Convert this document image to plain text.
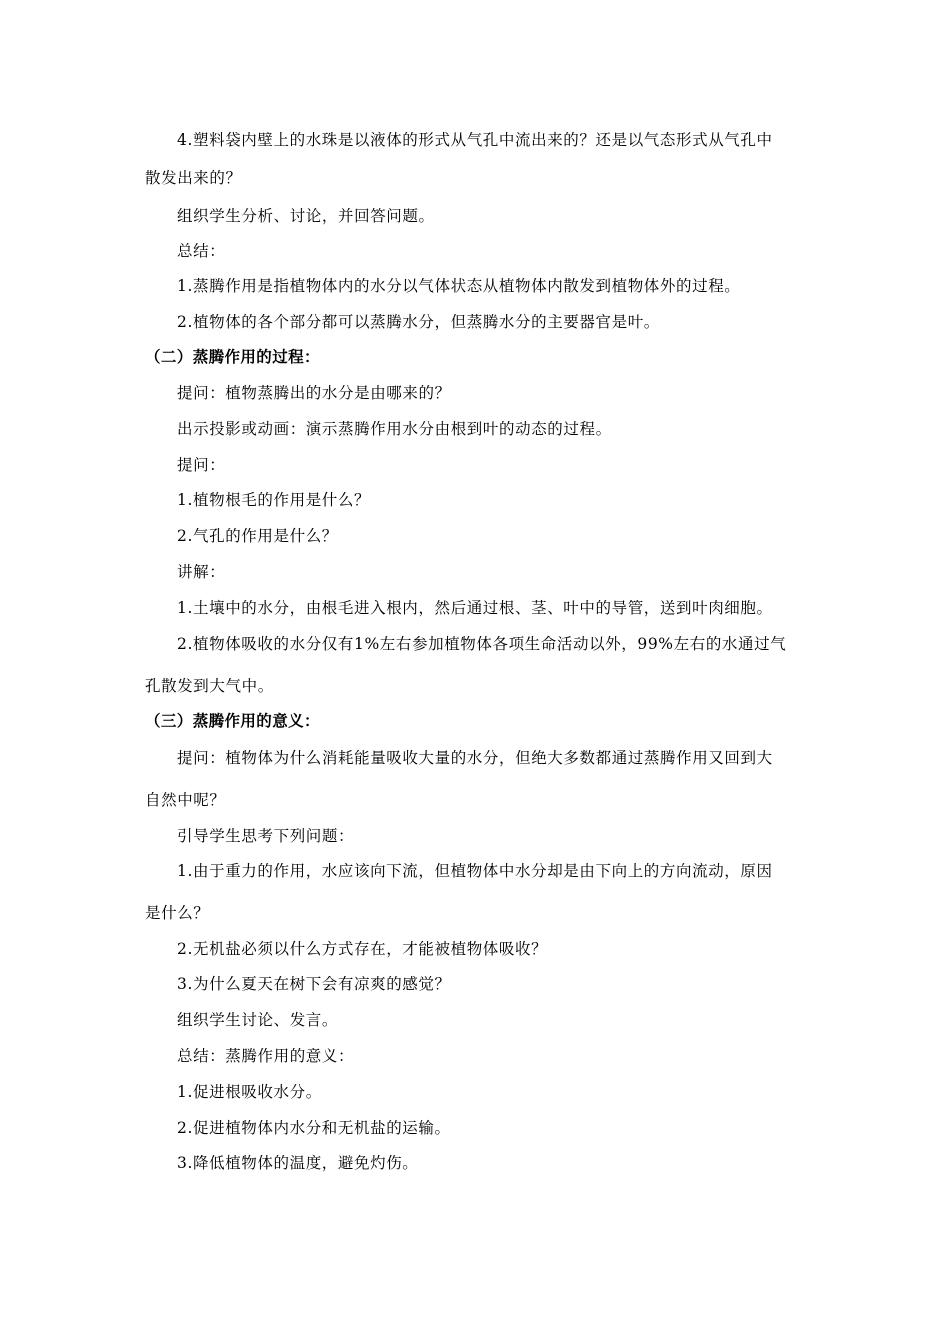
4.塑料袋内壁上的水珠是以液体的形式从气孔中流出来的？还是以气态形式从气孔中
散发出来的？
组织学生分析、讨论，并回答问题。
总结：
1.蒸腾作用是指植物体内的水分以气体状态从植物体内散发到植物体外的过程。
2.植物体的各个部分都可以蒸腾水分，但蒸腾水分的主要器官是叶。
（二）蒸腾作用的过程：
提问：植物蒸腾出的水分是由哪来的？
出示投影或动画：演示蒸腾作用水分由根到叶的动态的过程。
提问：
1.植物根毛的作用是什么？
2.气孔的作用是什么？
讲解：
1.土壤中的水分，由根毛进入根内，然后通过根、茎、叶中的导管，送到叶肉细胞。
2.植物体吸收的水分仅有1%左右参加植物体各项生命活动以外，99%左右的水通过气
孔散发到大气中。
（三）蒸腾作用的意义：
提问：植物体为什么消耗能量吸收大量的水分，但绝大多数都通过蒸腾作用又回到大
自然中呢？
引导学生思考下列问题：
1.由于重力的作用，水应该向下流，但植物体中水分却是由下向上的方向流动，原因
是什么？
2.无机盐必须以什么方式存在，才能被植物体吸收？
3.为什么夏天在树下会有凉爽的感觉？
组织学生讨论、发言。
总结：蒸腾作用的意义：
1.促进根吸收水分。
2.促进植物体内水分和无机盐的运输。
3.降低植物体的温度，避免灼伤。
